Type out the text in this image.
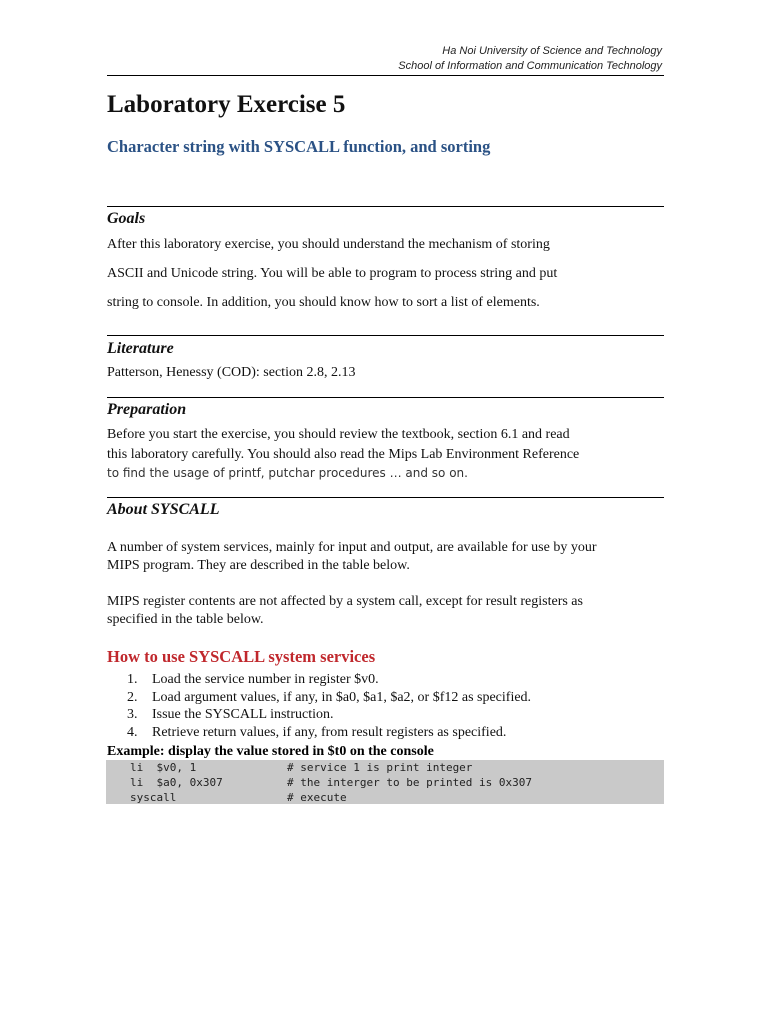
Ha Noi University of Science and Technology
School of Information and Communication Technology
Laboratory Exercise 5
Character string with SYSCALL function, and sorting
Goals
After this laboratory exercise, you should understand the mechanism of storing
ASCII and Unicode string. You will be able to program to process string and put
string to console. In addition, you should know how to sort a list of elements.
Literature
Patterson, Henessy (COD): section 2.8, 2.13
Preparation
Before you start the exercise, you should review the textbook, section 6.1 and read
this laboratory carefully. You should also read the Mips Lab Environment Reference
to find the usage of printf, putchar procedures … and so on.
About SYSCALL
A number of system services, mainly for input and output, are available for use by your
MIPS program. They are described in the table below.
MIPS register contents are not affected by a system call, except for result registers as
specified in the table below.
How to use SYSCALL system services
1. Load the service number in register $v0.
2. Load argument values, if any, in $a0, $a1, $a2, or $f12 as specified.
3. Issue the SYSCALL instruction.
4. Retrieve return values, if any, from result registers as specified.
Example: display the value stored in $t0 on the console
li  $v0, 1	# service 1 is print integer
li  $a0, 0x307	# the interger to be printed is 0x307
syscall	# execute
